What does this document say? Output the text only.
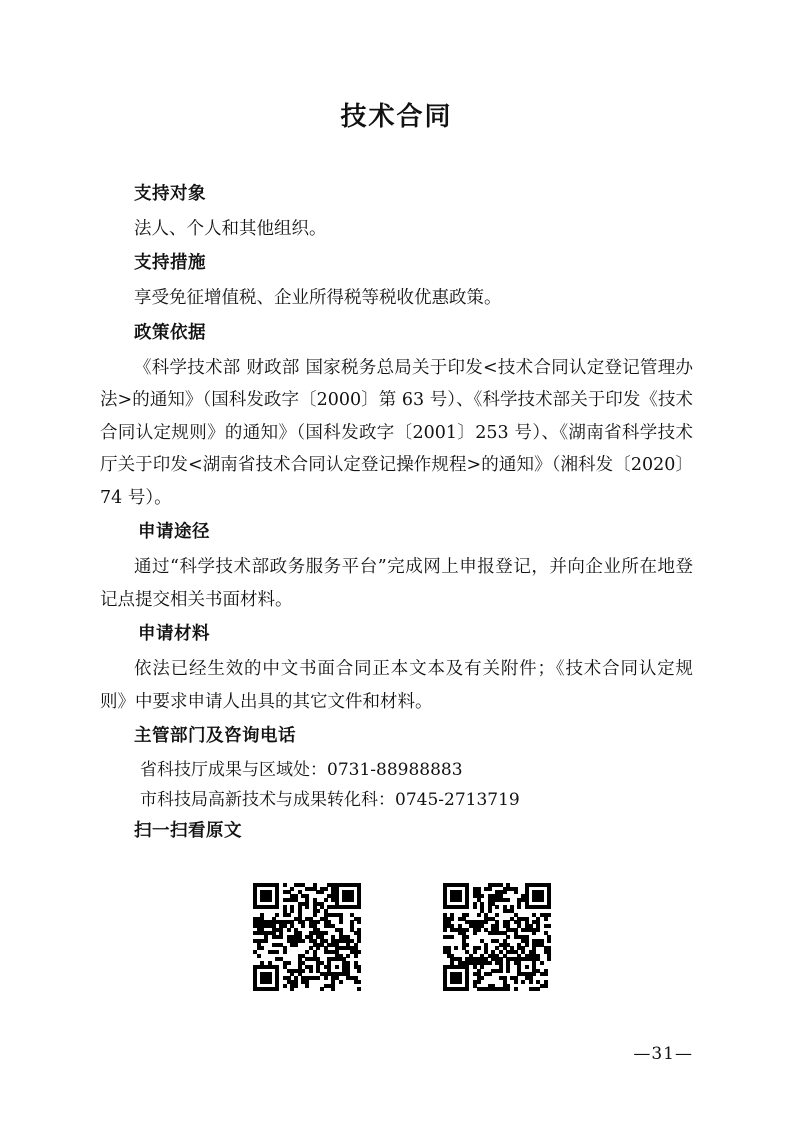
技术合同
支持对象

法人、个人和其他组织。

支持措施

享受免征增值税、企业所得税等税收优惠政策。

政策依据

《科学技术部 财政部 国家税务总局关于印发<技术合同认定登记管理办法>的通知》（国科发政字〔2000〕第 63 号）、《科学技术部关于印发《技术合同认定规则》的通知》（国科发政字〔2001〕253 号）、《湖南省科学技术厅关于印发<湖南省技术合同认定登记操作规程>的通知》（湘科发〔2020〕74 号）。

申请途径

通过“科学技术部政务服务平台”完成网上申报登记，并向企业所在地登记点提交相关书面材料。

申请材料

依法已经生效的中文书面合同正本文本及有关附件；《技术合同认定规则》中要求申请人出具的其它文件和材料。

主管部门及咨询电话

省科技厅成果与区域处：0731-88988883

市科技局高新技术与成果转化科：0745-2713719

扫一扫看原文
—31—
